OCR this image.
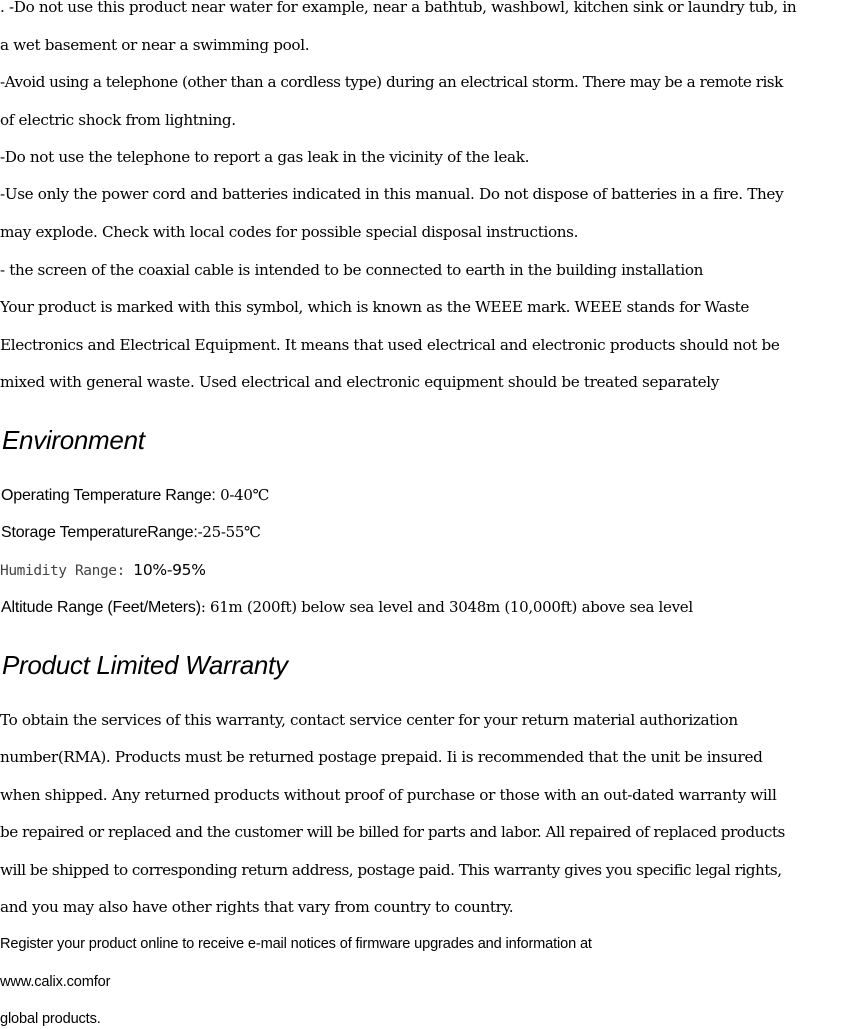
. -Do not use this product near water for example, near a bathtub, washbowl, kitchen sink or laundry tub, in
a wet basement or near a swimming pool.
-Avoid using a telephone (other than a cordless type) during an electrical storm. There may be a remote risk
of electric shock from lightning.
-Do not use the telephone to report a gas leak in the vicinity of the leak.
-Use only the power cord and batteries indicated in this manual. Do not dispose of batteries in a fire. They
may explode. Check with local codes for possible special disposal instructions.
- the screen of the coaxial cable is intended to be connected to earth in the building installation
Your product is marked with this symbol, which is known as the WEEE mark. WEEE stands for Waste
Electronics and Electrical Equipment. It means that used electrical and electronic products should not be
mixed with general waste. Used electrical and electronic equipment should be treated separately
Environment
Operating Temperature Range: 0-40℃
Storage TemperatureRange:-25-55℃
Humidity Range: 10%-95%
Altitude Range (Feet/Meters): 61m (200ft) below sea level and 3048m (10,000ft) above sea level
Product Limited Warranty
To obtain the services of this warranty, contact service center for your return material authorization
number(RMA). Products must be returned postage prepaid. Ii is recommended that the unit be insured
when shipped. Any returned products without proof of purchase or those with an out-dated warranty will
be repaired or replaced and the customer will be billed for parts and labor. All repaired of replaced products
will be shipped to corresponding return address, postage paid. This warranty gives you specific legal rights,
and you may also have other rights that vary from country to country.
Register your product online to receive e-mail notices of firmware upgrades and information at
www.calix.comfor
global products.
